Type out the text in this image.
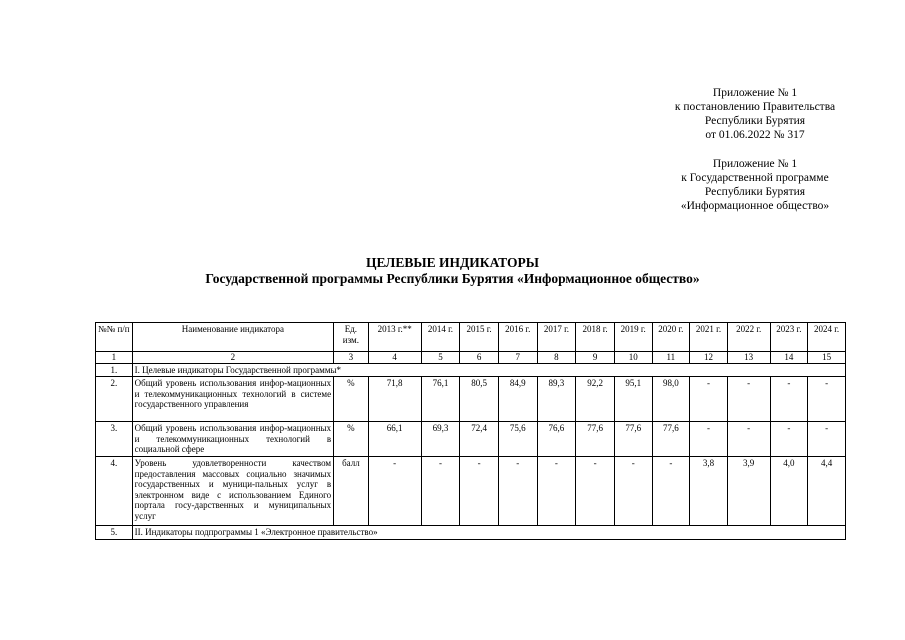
Приложение № 1
к постановлению Правительства
Республики Бурятия
от 01.06.2022 № 317
Приложение № 1
к Государственной программе
Республики Бурятия
«Информационное общество»
ЦЕЛЕВЫЕ ИНДИКАТОРЫ
Государственной программы Республики Бурятия «Информационное общество»
№№ п/п	Наименование индикатора	Ед. изм.	2013 г.**	2014 г.	2015 г.	2016 г.	2017 г.	2018 г.	2019 г.	2020 г.	2021 г.	2022 г.	2023 г.	2024 г.
1	2	3	4	5	6	7	8	9	10	11	12	13	14	15
1.	I. Целевые индикаторы Государственной программы*													
2.	Общий уровень использования инфор-мационных и телекоммуникационных технологий в системе государственного управления	%	71,8	76,1	80,5	84,9	89,3	92,2	95,1	98,0	-	-	-	-
3.	Общий уровень использования инфор-мационных и телекоммуникационных технологий в социальной сфере	%	66,1	69,3	72,4	75,6	76,6	77,6	77,6	77,6	-	-	-	-
4.	Уровень удовлетворенности качеством предоставления массовых социально значимых государственных и муници-пальных услуг в электронном виде с использованием Единого портала госу-дарственных и муниципальных услуг	балл	-	-	-	-	-	-	-	-	3,8	3,9	4,0	4,4
5.	II. Индикаторы подпрограммы 1 «Электронное правительство»													
